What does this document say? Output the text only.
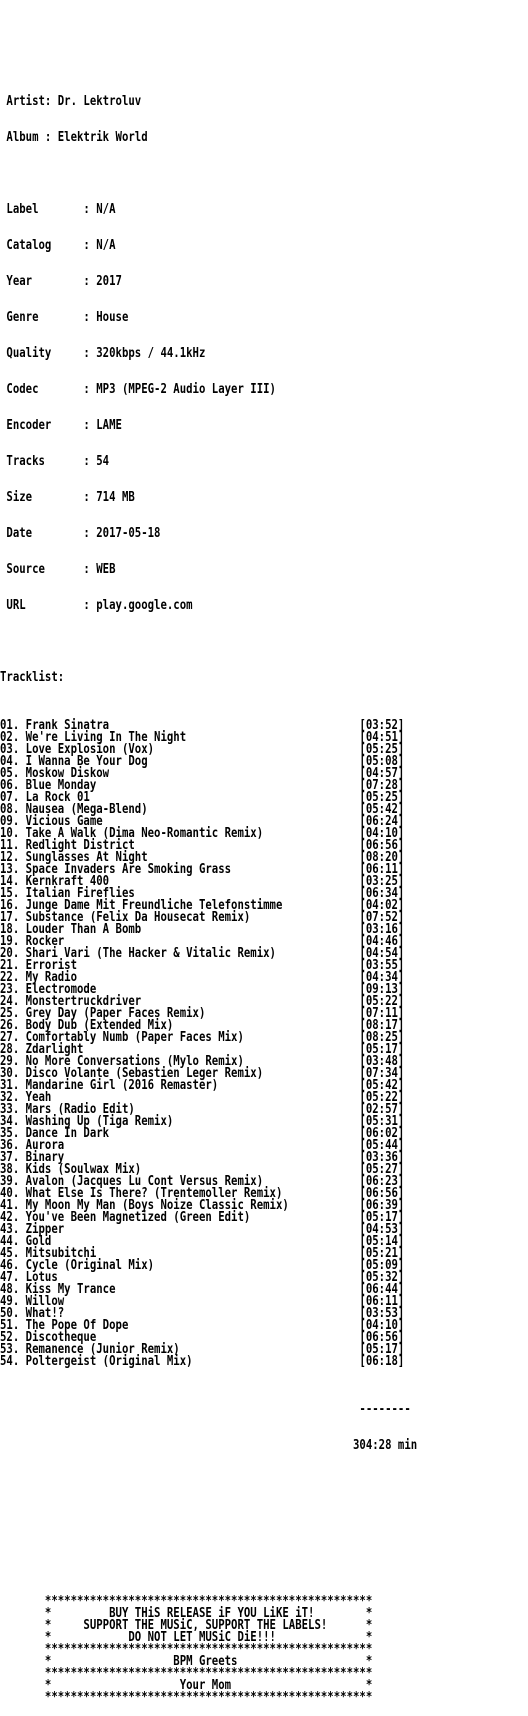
Artist: Dr. Lektroluv

Album : Elektrik World

Label       : N/A

Catalog     : N/A

Year        : 2017

Genre       : House

Quality     : 320kbps / 44.1kHz

Codec       : MP3 (MPEG-2 Audio Layer III)

Encoder     : LAME

Tracks      : 54

Size        : 714 MB

Date        : 2017-05-18

Source      : WEB

URL         : play.google.com

Tracklist:

01. Frank Sinatra                                       [03:52]
02. We're Living In The Night                           [04:51]
03. Love Explosion (Vox)                                [05:25]
04. I Wanna Be Your Dog                                 [05:08]
05. Moskow Diskow                                       [04:57]
06. Blue Monday                                         [07:28]
07. La Rock 01                                          [05:25]
08. Nausea (Mega-Blend)                                 [05:42]
09. Vicious Game                                        [06:24]
10. Take A Walk (Dima Neo-Romantic Remix)               [04:10]
11. Redlight District                                   [06:56]
12. Sunglasses At Night                                 [08:20]
13. Space Invaders Are Smoking Grass                    [06:11]
14. Kernkraft 400                                       [03:25]
15. Italian Fireflies                                   [06:34]
16. Junge Dame Mit Freundliche Telefonstimme            [04:02]
17. Substance (Felix Da Housecat Remix)                 [07:52]
18. Louder Than A Bomb                                  [03:16]
19. Rocker                                              [04:46]
20. Shari Vari (The Hacker & Vitalic Remix)             [04:54]
21. Errorist                                            [03:55]
22. My Radio                                            [04:34]
23. Electromode                                         [09:13]
24. Monstertruckdriver                                  [05:22]
25. Grey Day (Paper Faces Remix)                        [07:11]
26. Body Dub (Extended Mix)                             [08:17]
27. Comfortably Numb (Paper Faces Mix)                  [08:25]
28. Zdarlight                                           [05:17]
29. No More Conversations (Mylo Remix)                  [03:48]
30. Disco Volante (Sebastien Leger Remix)               [07:34]
31. Mandarine Girl (2016 Remaster)                      [05:42]
32. Yeah                                                [05:22]
33. Mars (Radio Edit)                                   [02:57]
34. Washing Up (Tiga Remix)                             [05:31]
35. Dance In Dark                                       [06:02]
36. Aurora                                              [05:44]
37. Binary                                              [03:36]
38. Kids (Soulwax Mix)                                  [05:27]
39. Avalon (Jacques Lu Cont Versus Remix)               [06:23]
40. What Else Is There? (Trentemoller Remix)            [06:56]
41. My Moon My Man (Boys Noize Classic Remix)           [06:39]
42. You've Been Magnetized (Green Edit)                 [05:17]
43. Zipper                                              [04:53]
44. Gold                                                [05:14]
45. Mitsubitchi                                         [05:21]
46. Cycle (Original Mix)                                [05:09]
47. Lotus                                               [05:32]
48. Kiss My Trance                                      [06:44]
49. Willow                                              [06:11]
50. What!?                                              [03:53]
51. The Pope Of Dope                                    [04:10]
52. Discotheque                                         [06:56]
53. Remanence (Junior Remix)                            [05:17]
54. Poltergeist (Original Mix)                          [06:18]

--------

304:28 min

***************************************************
*         BUY THiS RELEASE iF YOU LiKE iT!        *
*     SUPPORT THE MUSiC, SUPPORT THE LABELS!      *
*            DO NOT LET MUSiC DiE!!!              *
***************************************************
*                   BPM Greets                    *
***************************************************
*                    Your Mom                     *
***************************************************
